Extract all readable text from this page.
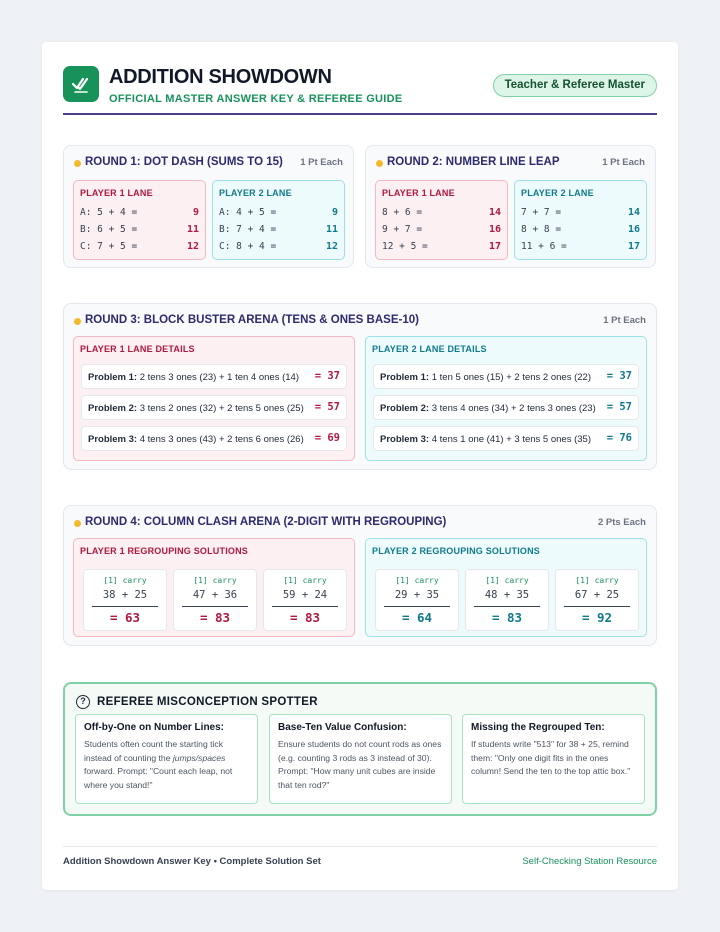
ADDITION SHOWDOWN
OFFICIAL MASTER ANSWER KEY & REFEREE GUIDE
Teacher & Referee Master
ROUND 1: DOT DASH (SUMS TO 15) 1 Pt Each
PLAYER 1 LANE
A: 5 + 4 =	9
B: 6 + 5 =	11
C: 7 + 5 =	12
PLAYER 2 LANE
A: 4 + 5 =	9
B: 7 + 4 =	11
C: 8 + 4 =	12
ROUND 2: NUMBER LINE LEAP	1 Pt Each
PLAYER 1 LANE
8 + 6 =	14
9 + 7 =	16
12 + 5 =	17
PLAYER 2 LANE
7 + 7 =	14
8 + 8 =	16
11 + 6 =	17
ROUND 3: BLOCK BUSTER ARENA (TENS & ONES BASE-10)	1 Pt Each
PLAYER 1 LANE DETAILS
Problem 1: 2 tens 3 ones (23) + 1 ten 4 ones (14) = 37
Problem 2: 3 tens 2 ones (32) + 2 tens 5 ones (25) = 57
Problem 3: 4 tens 3 ones (43) + 2 tens 6 ones (26) = 69
PLAYER 2 LANE DETAILS
Problem 1: 1 ten 5 ones (15) + 2 tens 2 ones (22) = 37
Problem 2: 3 tens 4 ones (34) + 2 tens 3 ones (23) = 57
Problem 3: 4 tens 1 one (41) + 3 tens 5 ones (35) = 76
ROUND 4: COLUMN CLASH ARENA (2-DIGIT WITH REGROUPING)	2 Pts Each
PLAYER 1 REGROUPING SOLUTIONS
[1] carry
38 + 25
= 63
[1] carry
47 + 36
= 83
[1] carry
59 + 24
= 83
PLAYER 2 REGROUPING SOLUTIONS
[1] carry
29 + 35
= 64
[1] carry
48 + 35
= 83
[1] carry
67 + 25
= 92
? REFEREE MISCONCEPTION SPOTTER
Off-by-One on Number Lines:
Students often count the starting tick instead of counting the jumps/spaces forward. Prompt: "Count each leap, not where you stand!"
Base-Ten Value Confusion:
Ensure students do not count rods as ones (e.g. counting 3 rods as 3 instead of 30). Prompt: "How many unit cubes are inside that ten rod?"
Missing the Regrouped Ten:
If students write "513" for 38 + 25, remind them: "Only one digit fits in the ones column! Send the ten to the top attic box."
Addition Showdown Answer Key • Complete Solution Set	Self-Checking Station Resource
